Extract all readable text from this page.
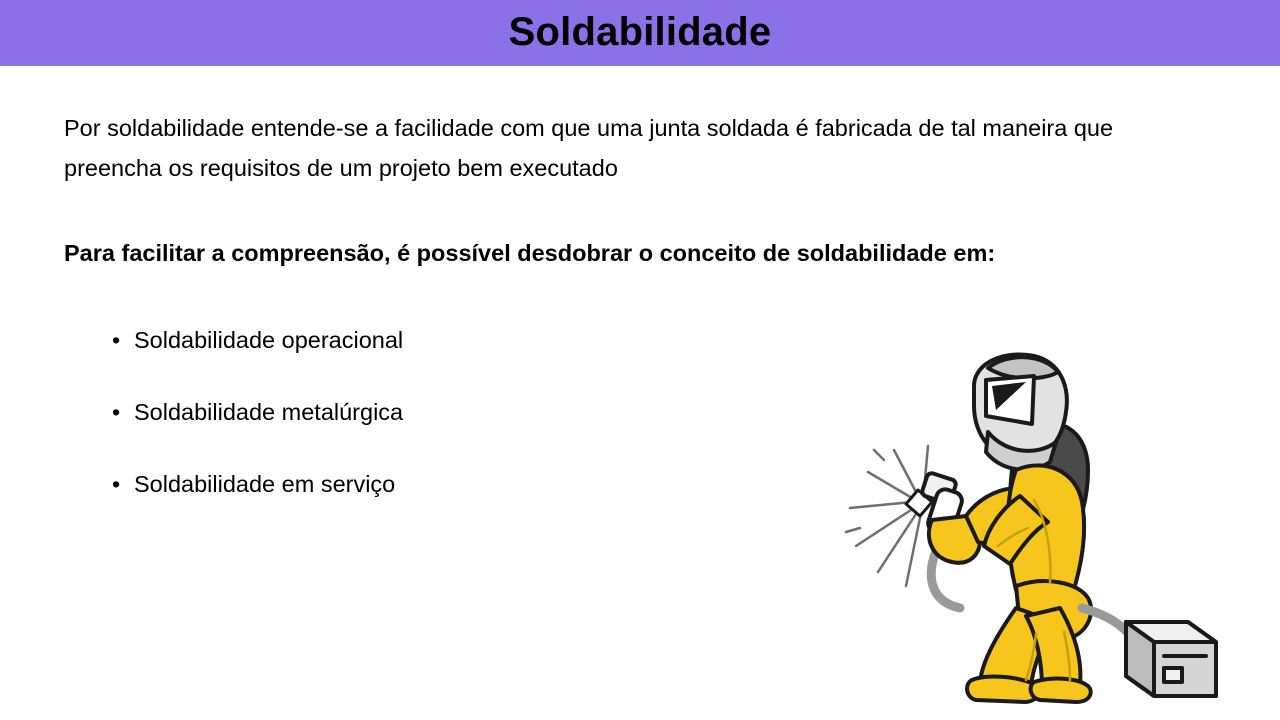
Soldabilidade
Por soldabilidade entende-se a facilidade com que uma junta soldada é fabricada de tal maneira que preencha os requisitos de um projeto bem executado
Para facilitar a compreensão, é possível desdobrar o conceito de soldabilidade em:
• Soldabilidade operacional
• Soldabilidade metalúrgica
• Soldabilidade em serviço
